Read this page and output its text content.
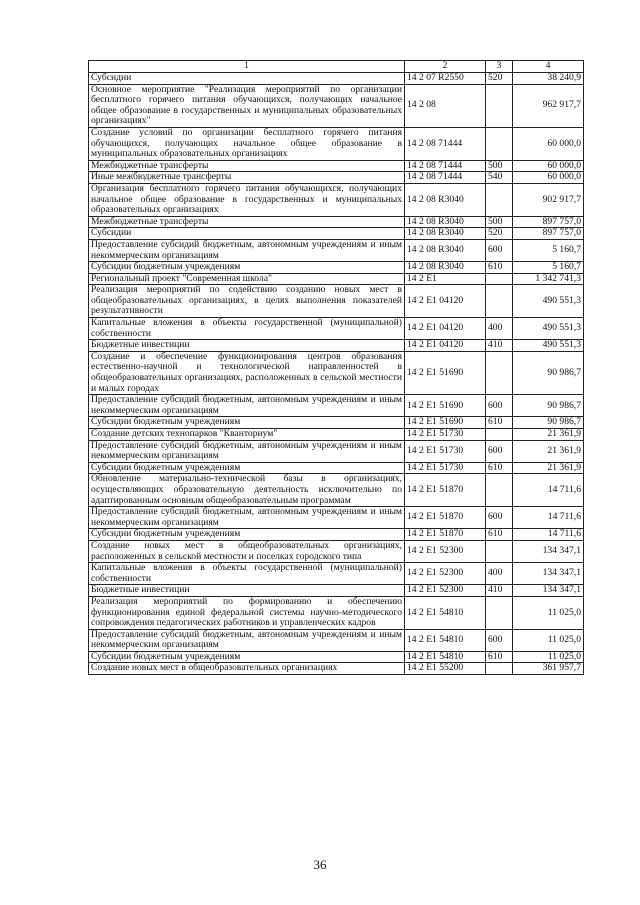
1	2	3	4
Субсидии	14 2 07 R2550	520	38 240,9
Основное мероприятие "Реализация мероприятий по организации бесплатного горячего питания обучающихся, получающих начальное общее образование в государственных и муниципальных образовательных организациях"	14 2 08		962 917,7
Создание условий по организации бесплатного горячего питания обучающихся, получающих начальное общее образование в муниципальных образовательных организациях	14 2 08 71444		60 000,0
Межбюджетные трансферты	14 2 08 71444	500	60 000,0
Иные межбюджетные трансферты	14 2 08 71444	540	60 000,0
Организация бесплатного горячего питания обучающихся, получающих начальное общее образование в государственных и муниципальных образовательных организациях	14 2 08 R3040		902 917,7
Межбюджетные трансферты	14 2 08 R3040	500	897 757,0
Субсидии	14 2 08 R3040	520	897 757,0
Предоставление субсидий бюджетным, автономным учреждениям и иным некоммерческим организациям	14 2 08 R3040	600	5 160,7
Субсидии бюджетным учреждениям	14 2 08 R3040	610	5 160,7
Региональный проект "Современная школа"	14 2 E1		1 342 741,3
Реализация мероприятий по содействию созданию новых мест в общеобразовательных организациях, в целях выполнения показателей результативности	14 2 E1 04120		490 551,3
Капитальные вложения в объекты государственной (муниципальной) собственности	14 2 E1 04120	400	490 551,3
Бюджетные инвестиции	14 2 E1 04120	410	490 551,3
Создание и обеспечение функционирования центров образования естественно-научной и технологической направленностей в общеобразовательных организациях, расположенных в сельской местности и малых городах	14 2 E1 51690		90 986,7
Предоставление субсидий бюджетным, автономным учреждениям и иным некоммерческим организациям	14 2 E1 51690	600	90 986,7
Субсидии бюджетным учреждениям	14 2 E1 51690	610	90 986,7
Создание детских технопарков "Кванториум"	14 2 E1 51730		21 361,9
Предоставление субсидий бюджетным, автономным учреждениям и иным некоммерческим организациям	14 2 E1 51730	600	21 361,9
Субсидии бюджетным учреждениям	14 2 E1 51730	610	21 361,9
Обновление материально-технической базы в организациях, осуществляющих образовательную деятельность исключительно по адаптированным основным общеобразовательным программам	14 2 E1 51870		14 711,6
Предоставление субсидий бюджетным, автономным учреждениям и иным некоммерческим организациям	14 2 E1 51870	600	14 711,6
Субсидии бюджетным учреждениям	14 2 E1 51870	610	14 711,6
Создание новых мест в общеобразовательных организациях, расположенных в сельской местности и поселках городского типа	14 2 E1 52300		134 347,1
Капитальные вложения в объекты государственной (муниципальной) собственности	14 2 E1 52300	400	134 347,1
Бюджетные инвестиции	14 2 E1 52300	410	134 347,1
Реализация мероприятий по формированию и обеспечению функционирования единой федеральной системы научно-методического сопровождения педагогических работников и управленческих кадров	14 2 E1 54810		11 025,0
Предоставление субсидий бюджетным, автономным учреждениям и иным некоммерческим организациям	14 2 E1 54810	600	11 025,0
Субсидии бюджетным учреждениям	14 2 E1 54810	610	11 025,0
Создание новых мест в общеобразовательных организациях	14 2 E1 55200		361 957,7
36
